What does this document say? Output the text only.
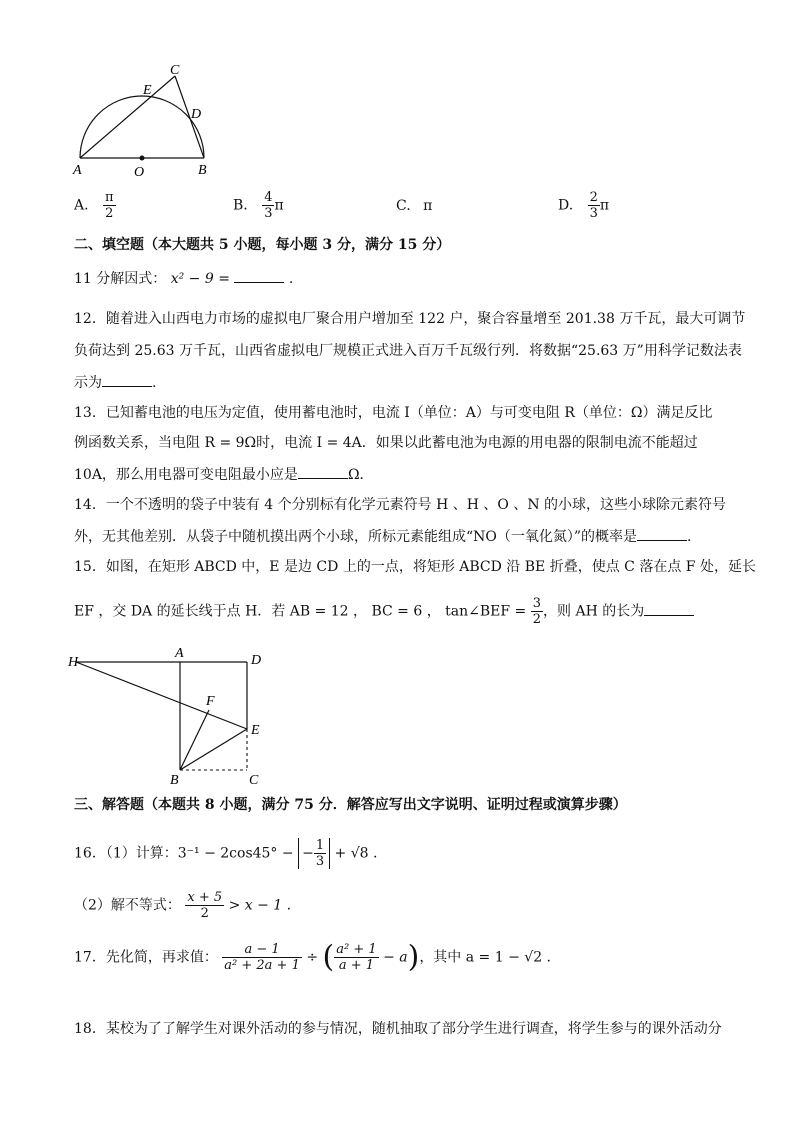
A	O	B
C
E
D
A. $\frac{\pi}{2}$	B. $\frac{4}{3}$ π	C. π	D. $\frac{2}{3}$ π
二、填空题（本大题共 5 小题，每小题 3 分，满分 15 分）
11 分解因式： x² − 9 =	.
12．随着进入山西电力市场的虚拟电厂聚合用户增加至 122 户，聚合容量增至 201.38 万千瓦，最大可调节
负荷达到 25.63 万千瓦，山西省虚拟电厂规模正式进入百万千瓦级行列．将数据“25.63 万”用科学记数法表
示为	.
13．已知蓄电池的电压为定值，使用蓄电池时，电流 I（单位：A）与可变电阻 R（单位：Ω）满足反比
例函数关系，当电阻 R = 9Ω时，电流 I = 4A．如果以此蓄电池为电源的用电器的限制电流不能超过
10A，那么用电器可变电阻最小应是	Ω．
14．一个不透明的袋子中装有 4 个分别标有化学元素符号 H 、H 、O 、N 的小球，这些小球除元素符号
外，无其他差别．从袋子中随机摸出两个小球，所标元素能组成“NO（一氧化氮）”的概率是	.
15．如图，在矩形 ABCD 中，E 是边 CD 上的一点，将矩形 ABCD 沿 BE 折叠，使点 C 落在点 F 处，延长
EF ，交 DA 的延长线于点 H．若 AB = 12 ， BC = 6 ， tan∠BEF = $\frac{3}{2}$ ，则 AH 的长为
H
A	D
F
E
B	C
三、解答题（本题共 8 小题，满分 75 分．解答应写出文字说明、证明过程或演算步骤）
16．（1）计算：3⁻¹ − 2cos45° − − $\frac{1}{3} + √8$ .
（2）解不等式： $\frac{x + 5}{2} > x - 1$ .
17．先化简，再求值： $\frac{a - 1}{\text{a² + 2a + 1}}$ ÷ ( $\frac{\text{a² + 1}}{a + 1} - a$)，其中 a = 1 − √2 .
18．某校为了了解学生对课外活动的参与情况，随机抽取了部分学生进行调查，将学生参与的课外活动分
